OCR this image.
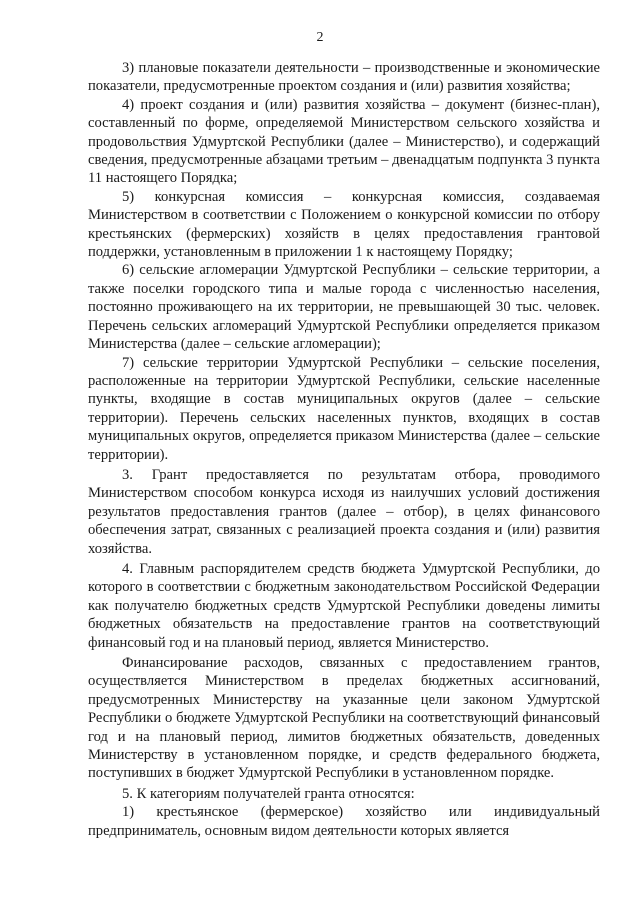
2

3) плановые показатели деятельности – производственные и экономические показатели, предусмотренные проектом создания и (или) развития хозяйства;

4) проект создания и (или) развития хозяйства – документ (бизнес-план), составленный по форме, определяемой Министерством сельского хозяйства и продовольствия Удмуртской Республики (далее – Министерство), и содержащий сведения, предусмотренные абзацами третьим – двенадцатым подпункта 3 пункта 11 настоящего Порядка;

5) конкурсная комиссия – конкурсная комиссия, создаваемая Министерством в соответствии с Положением о конкурсной комиссии по отбору крестьянских (фермерских) хозяйств в целях предоставления грантовой поддержки, установленным в приложении 1 к настоящему Порядку;

6) сельские агломерации Удмуртской Республики – сельские территории, а также поселки городского типа и малые города с численностью населения, постоянно проживающего на их территории, не превышающей 30 тыс. человек. Перечень сельских агломераций Удмуртской Республики определяется приказом Министерства (далее – сельские агломерации);

7) сельские территории Удмуртской Республики – сельские поселения, расположенные на территории Удмуртской Республики, сельские населенные пункты, входящие в состав муниципальных округов (далее – сельские территории). Перечень сельских населенных пунктов, входящих в состав муниципальных округов, определяется приказом Министерства (далее – сельские территории).

3. Грант предоставляется по результатам отбора, проводимого Министерством способом конкурса исходя из наилучших условий достижения результатов предоставления грантов (далее – отбор), в целях финансового обеспечения затрат, связанных с реализацией проекта создания и (или) развития хозяйства.

4. Главным распорядителем средств бюджета Удмуртской Республики, до которого в соответствии с бюджетным законодательством Российской Федерации как получателю бюджетных средств Удмуртской Республики доведены лимиты бюджетных обязательств на предоставление грантов на соответствующий финансовый год и на плановый период, является Министерство.

Финансирование расходов, связанных с предоставлением грантов, осуществляется Министерством в пределах бюджетных ассигнований, предусмотренных Министерству на указанные цели законом Удмуртской Республики о бюджете Удмуртской Республики на соответствующий финансовый год и на плановый период, лимитов бюджетных обязательств, доведенных Министерству в установленном порядке, и средств федерального бюджета, поступивших в бюджет Удмуртской Республики в установленном порядке.

5. К категориям получателей гранта относятся:

1) крестьянское (фермерское) хозяйство или индивидуальный предприниматель, основным видом деятельности которых является
